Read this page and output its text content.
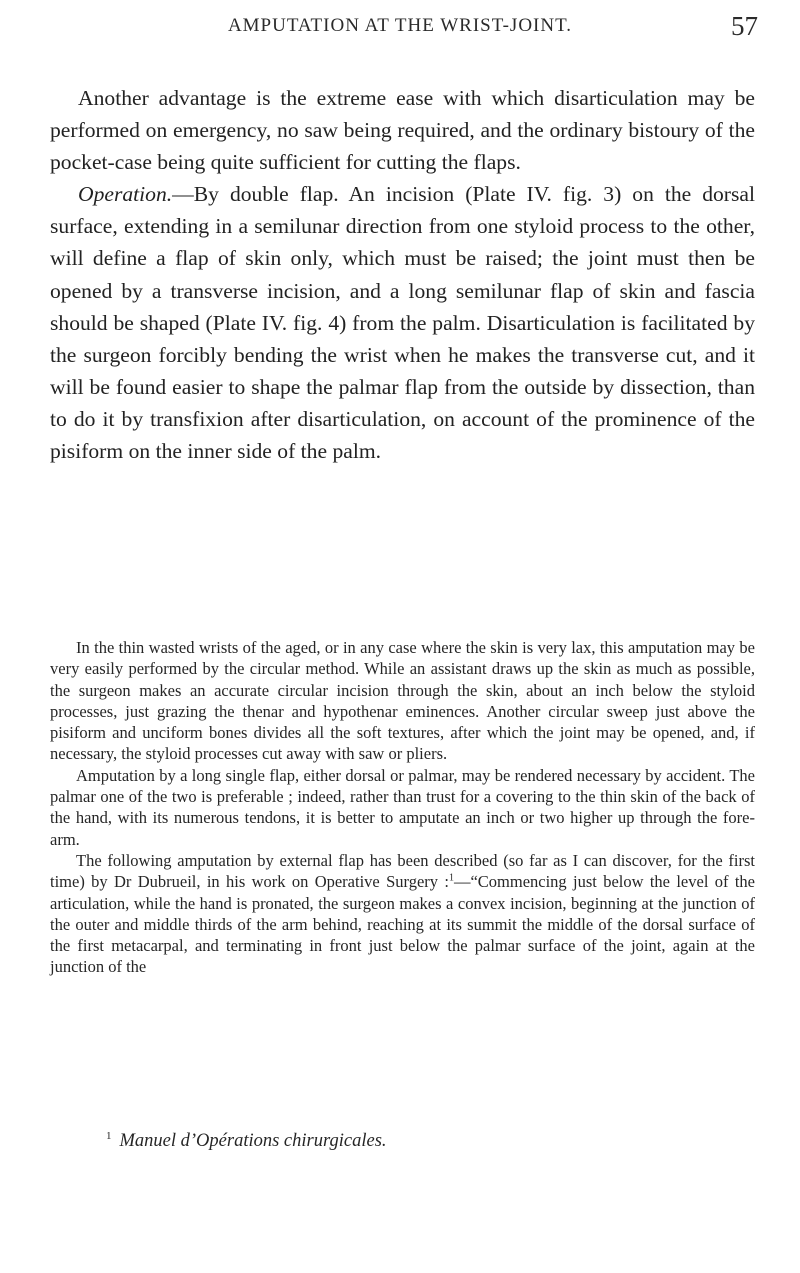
AMPUTATION AT THE WRIST-JOINT.	57

Another advantage is the extreme ease with which disarticulation may be performed on emergency, no saw being required, and the ordinary bistoury of the pocket-case being quite sufficient for cutting the flaps.

Operation.—By double flap. An incision (Plate IV. fig. 3) on the dorsal surface, extending in a semilunar direction from one styloid process to the other, will define a flap of skin only, which must be raised; the joint must then be opened by a transverse incision, and a long semilunar flap of skin and fascia should be shaped (Plate IV. fig. 4) from the palm. Disarticulation is facilitated by the surgeon forcibly bending the wrist when he makes the transverse cut, and it will be found easier to shape the palmar flap from the outside by dissection, than to do it by transfixion after disarticulation, on account of the prominence of the pisiform on the inner side of the palm.

In the thin wasted wrists of the aged, or in any case where the skin is very lax, this amputation may be very easily performed by the circular method. While an assistant draws up the skin as much as possible, the surgeon makes an accurate circular incision through the skin, about an inch below the styloid processes, just grazing the thenar and hypothenar eminences. Another circular sweep just above the pisiform and unciform bones divides all the soft textures, after which the joint may be opened, and, if necessary, the styloid processes cut away with saw or pliers.

Amputation by a long single flap, either dorsal or palmar, may be rendered necessary by accident. The palmar one of the two is preferable ; indeed, rather than trust for a covering to the thin skin of the back of the hand, with its numerous tendons, it is better to amputate an inch or two higher up through the fore-arm.

The following amputation by external flap has been described (so far as I can discover, for the first time) by Dr Dubrueil, in his work on Operative Surgery :$^1$—“Commencing just below the level of the articulation, while the hand is pronated, the surgeon makes a convex incision, beginning at the junction of the outer and middle thirds of the arm behind, reaching at its summit the middle of the dorsal surface of the first metacarpal, and terminating in front just below the palmar surface of the joint, again at the junction of the

$^1$ Manuel d’Opérations chirurgicales.
